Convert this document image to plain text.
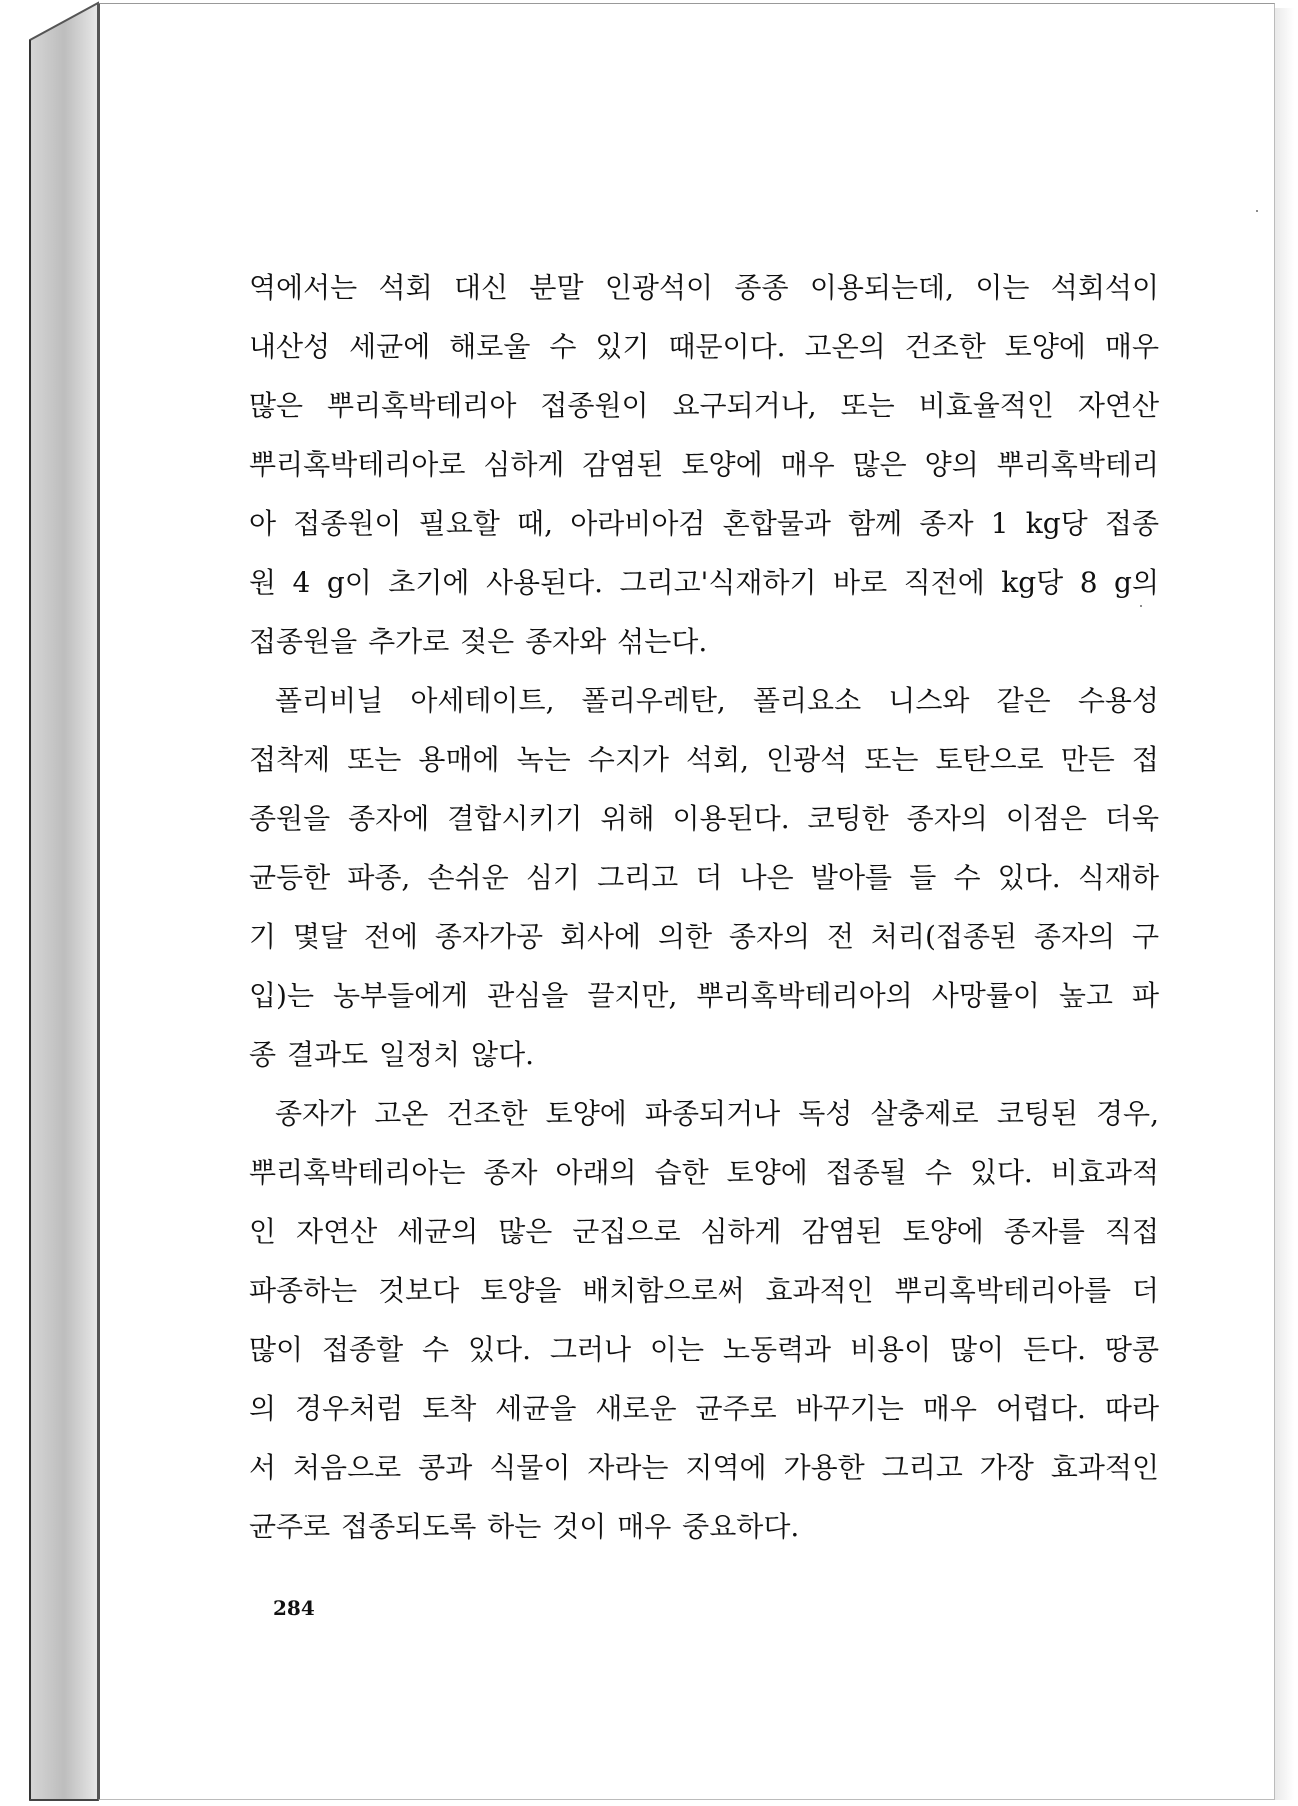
역에서는 석회 대신 분말 인광석이 종종 이용되는데, 이는 석회석이
내산성 세균에 해로울 수 있기 때문이다. 고온의 건조한 토양에 매우
많은 뿌리혹박테리아 접종원이 요구되거나, 또는 비효율적인 자연산
뿌리혹박테리아로 심하게 감염된 토양에 매우 많은 양의 뿌리혹박테리
아 접종원이 필요할 때, 아라비아검 혼합물과 함께 종자 1 kg당 접종
원 4 g이 초기에 사용된다. 그리고'식재하기 바로 직전에 kg당 8 g의
접종원을 추가로 젖은 종자와 섞는다.

폴리비닐 아세테이트, 폴리우레탄, 폴리요소 니스와 같은 수용성
접착제 또는 용매에 녹는 수지가 석회, 인광석 또는 토탄으로 만든 접
종원을 종자에 결합시키기 위해 이용된다. 코팅한 종자의 이점은 더욱
균등한 파종, 손쉬운 심기 그리고 더 나은 발아를 들 수 있다. 식재하
기 몇달 전에 종자가공 회사에 의한 종자의 전 처리(접종된 종자의 구
입)는 농부들에게 관심을 끌지만, 뿌리혹박테리아의 사망률이 높고 파
종 결과도 일정치 않다.

종자가 고온 건조한 토양에 파종되거나 독성 살충제로 코팅된 경우,
뿌리혹박테리아는 종자 아래의 습한 토양에 접종될 수 있다. 비효과적
인 자연산 세균의 많은 군집으로 심하게 감염된 토양에 종자를 직접
파종하는 것보다 토양을 배치함으로써 효과적인 뿌리혹박테리아를 더
많이 접종할 수 있다. 그러나 이는 노동력과 비용이 많이 든다. 땅콩
의 경우처럼 토착 세균을 새로운 균주로 바꾸기는 매우 어렵다. 따라
서 처음으로 콩과 식물이 자라는 지역에 가용한 그리고 가장 효과적인
균주로 접종되도록 하는 것이 매우 중요하다.

284
